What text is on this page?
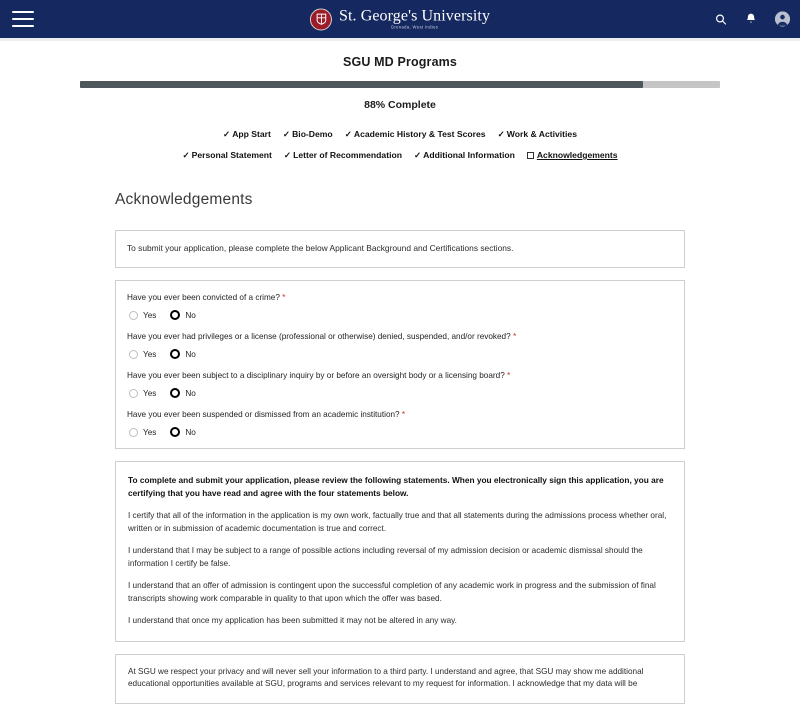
St. George's University
Grenada, West Indies
SGU MD Programs
88% Complete
✓ App Start ✓ Bio-Demo ✓ Academic History & Test Scores ✓ Work & Activities
✓ Personal Statement ✓ Letter of Recommendation ✓ Additional Information	Acknowledgements
Acknowledgements
To submit your application, please complete the below Applicant Background and Certifications sections.
Have you ever been convicted of a crime? *
Yes	No
Have you ever had privileges or a license (professional or otherwise) denied, suspended, and/or revoked? *
Yes	No
Have you ever been subject to a disciplinary inquiry by or before an oversight body or a licensing board? *
Yes	No
Have you ever been suspended or dismissed from an academic institution? *
Yes	No
To complete and submit your application, please review the following statements. When you electronically sign this application, you are certifying that you have read and agree with the four statements below.
I certify that all of the information in the application is my own work, factually true and that all statements during the admissions process whether oral, written or in submission of academic documentation is true and correct.
I understand that I may be subject to a range of possible actions including reversal of my admission decision or academic dismissal should the information I certify be false.
I understand that an offer of admission is contingent upon the successful completion of any academic work in progress and the submission of final transcripts showing work comparable in quality to that upon which the offer was based.
I understand that once my application has been submitted it may not be altered in any way.
At SGU we respect your privacy and will never sell your information to a third party. I understand and agree, that SGU may show me additional educational opportunities available at SGU, programs and services relevant to my request for information. I acknowledge that my data will be
